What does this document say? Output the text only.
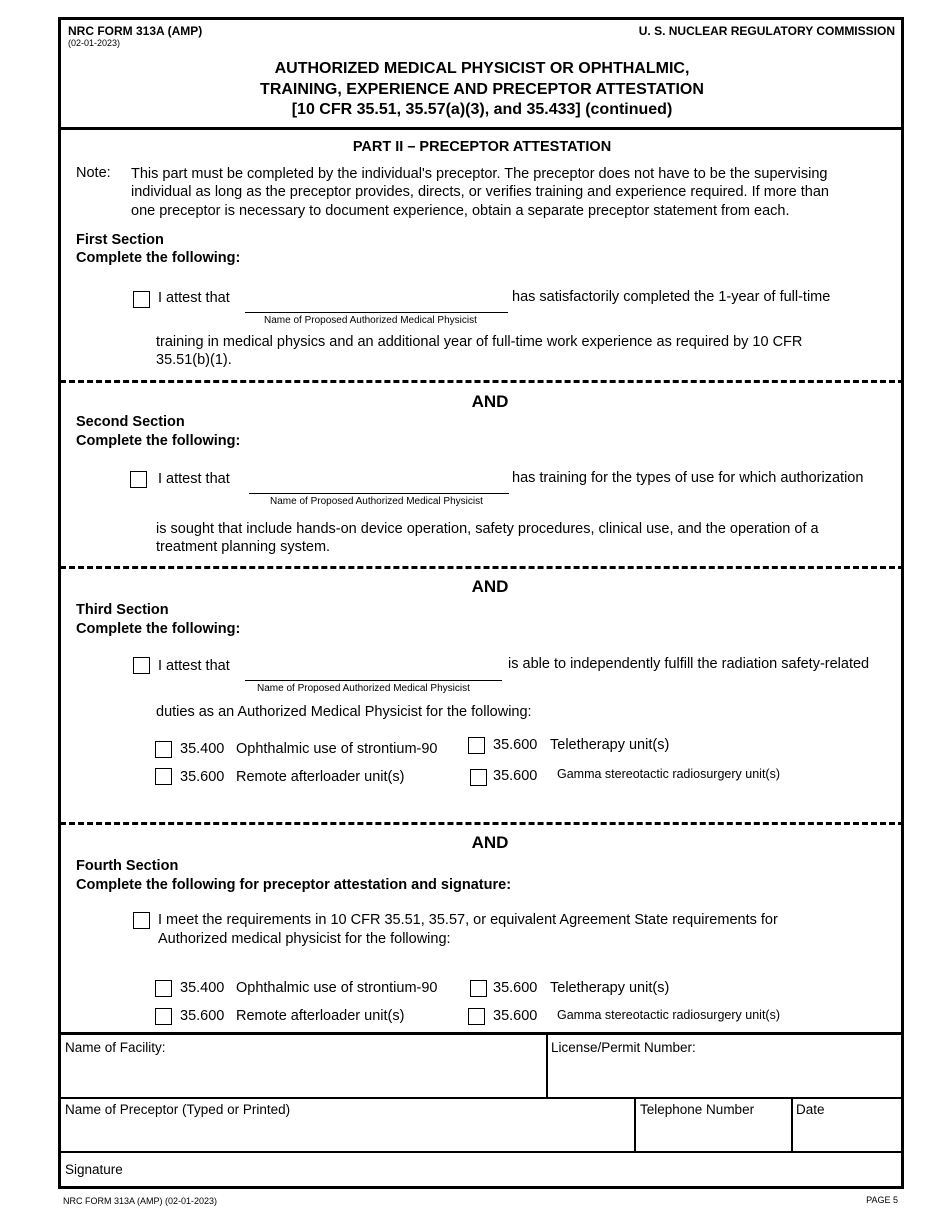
NRC FORM 313A (AMP)
(02-01-2023)
U. S. NUCLEAR REGULATORY COMMISSION
AUTHORIZED MEDICAL PHYSICIST OR OPHTHALMIC,
TRAINING, EXPERIENCE AND PRECEPTOR ATTESTATION
[10 CFR 35.51, 35.57(a)(3), and 35.433] (continued)
PART II – PRECEPTOR ATTESTATION
Note: This part must be completed by the individual's preceptor. The preceptor does not have to be the supervising
individual as long as the preceptor provides, directs, or verifies training and experience required. If more than
one preceptor is necessary to document experience, obtain a separate preceptor statement from each.
First Section
Complete the following:
I attest that
Name of Proposed Authorized Medical Physicist
has satisfactorily completed the 1-year of full-time
training in medical physics and an additional year of full-time work experience as required by 10 CFR
35.51(b)(1).
AND
Second Section
Complete the following:
I attest that
Name of Proposed Authorized Medical Physicist
has training for the types of use for which authorization
is sought that include hands-on device operation, safety procedures, clinical use, and the operation of a
treatment planning system.
AND
Third Section
Complete the following:
I attest that
Name of Proposed Authorized Medical Physicist
is able to independently fulfill the radiation safety-related
duties as an Authorized Medical Physicist for the following:
35.400 Ophthalmic use of strontium-90	35.600 Teletherapy unit(s)
35.600 Remote afterloader unit(s)	35.600 Gamma stereotactic radiosurgery unit(s)
AND
Fourth Section
Complete the following for preceptor attestation and signature:
I meet the requirements in 10 CFR 35.51, 35.57, or equivalent Agreement State requirements for
Authorized medical physicist for the following:
35.400 Ophthalmic use of strontium-90	35.600 Teletherapy unit(s)
35.600 Remote afterloader unit(s)	35.600 Gamma stereotactic radiosurgery unit(s)
Name of Facility:	License/Permit Number:
Name of Preceptor (Typed or Printed)	Telephone Number	Date
Signature
NRC FORM 313A (AMP) (02-01-2023)	PAGE 5
